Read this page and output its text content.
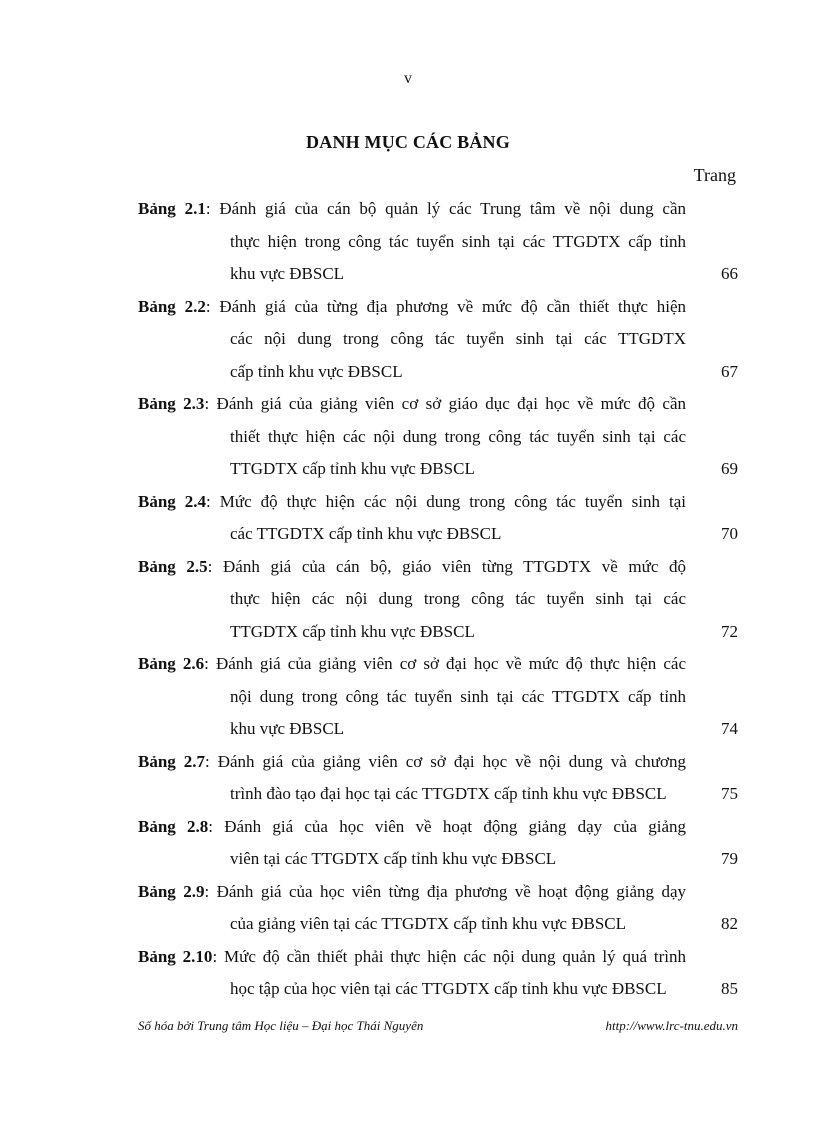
v
DANH MỤC CÁC BẢNG
Trang
Bảng 2.1: Đánh giá của cán bộ quản lý các Trung tâm về nội dung cần
thực hiện trong công tác tuyển sinh tại các TTGDTX cấp tỉnh
khu vực ĐBSCL	66
Bảng 2.2: Đánh giá của từng địa phương về mức độ cần thiết thực hiện
các nội dung trong công tác tuyển sinh tại các TTGDTX
cấp tỉnh khu vực ĐBSCL	67
Bảng 2.3: Đánh giá của giảng viên cơ sở giáo dục đại học về mức độ cần
thiết thực hiện các nội dung trong công tác tuyển sinh tại các
TTGDTX cấp tỉnh khu vực ĐBSCL	69
Bảng 2.4: Mức độ thực hiện các nội dung trong công tác tuyển sinh tại
các TTGDTX cấp tỉnh khu vực ĐBSCL	70
Bảng 2.5: Đánh giá của cán bộ, giáo viên từng TTGDTX về mức độ
thực hiện các nội dung trong công tác tuyển sinh tại các
TTGDTX cấp tỉnh khu vực ĐBSCL	72
Bảng 2.6: Đánh giá của giảng viên cơ sở đại học về mức độ thực hiện các
nội dung trong công tác tuyển sinh tại các TTGDTX cấp tỉnh
khu vực ĐBSCL	74
Bảng 2.7: Đánh giá của giảng viên cơ sở đại học về nội dung và chương
trình đào tạo đại học tại các TTGDTX cấp tỉnh khu vực ĐBSCL	75
Bảng 2.8: Đánh giá của học viên về hoạt động giảng dạy của giảng
viên tại các TTGDTX cấp tỉnh khu vực ĐBSCL	79
Bảng 2.9: Đánh giá của học viên từng địa phương về hoạt động giảng dạy
của giảng viên tại các TTGDTX cấp tỉnh khu vực ĐBSCL	82
Bảng 2.10: Mức độ cần thiết phải thực hiện các nội dung quản lý quá trình
học tập của học viên tại các TTGDTX cấp tỉnh khu vực ĐBSCL	85
Số hóa bởi Trung tâm Học liệu – Đại học Thái Nguyên	http://www.lrc-tnu.edu.vn
